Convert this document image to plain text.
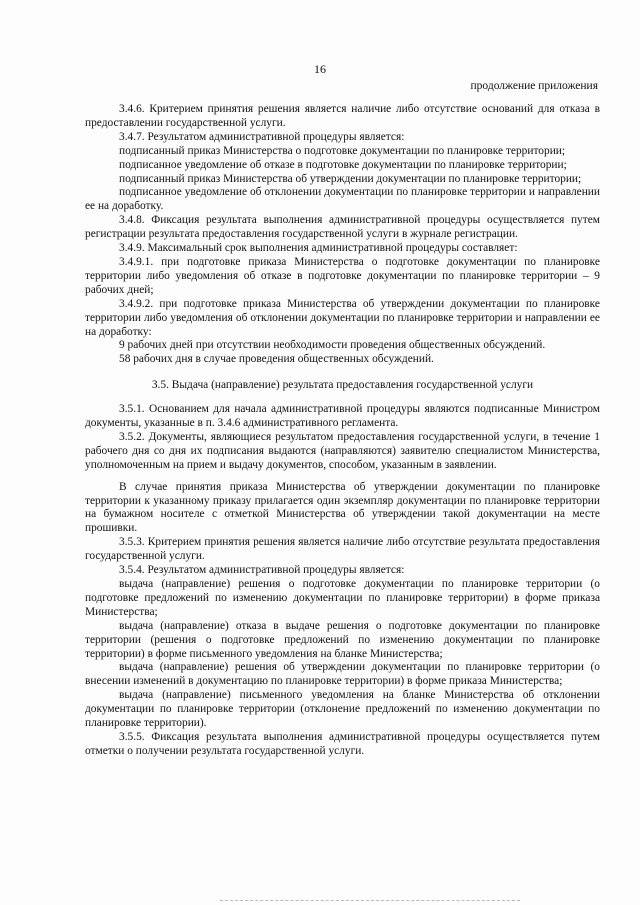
16
продолжение приложения

3.4.6. Критерием принятия решения является наличие либо отсутствие оснований для отказа в предоставлении государственной услуги.

3.4.7. Результатом административной процедуры является:

подписанный приказ Министерства о подготовке документации по планировке территории;

подписанное уведомление об отказе в подготовке документации по планировке территории;

подписанный приказ Министерства об утверждении документации по планировке территории;

подписанное уведомление об отклонении документации по планировке территории и направлении ее на доработку.

3.4.8. Фиксация результата выполнения административной процедуры осуществляется путем регистрации результата предоставления государственной услуги в журнале регистрации.

3.4.9. Максимальный срок выполнения административной процедуры составляет:

3.4.9.1. при подготовке приказа Министерства о подготовке документации по планировке территории либо уведомления об отказе в подготовке документации по планировке территории – 9 рабочих дней;

3.4.9.2. при подготовке приказа Министерства об утверждении документации по планировке территории либо уведомления об отклонении документации по планировке территории и направлении ее на доработку:

9 рабочих дней при отсутствии необходимости проведения общественных обсуждений.

58 рабочих дня в случае проведения общественных обсуждений.

3.5. Выдача (направление) результата предоставления государственной услуги

3.5.1. Основанием для начала административной процедуры являются подписанные Министром документы, указанные в п. 3.4.6 административного регламента.

3.5.2. Документы, являющиеся результатом предоставления государственной услуги, в течение 1 рабочего дня со дня их подписания выдаются (направляются) заявителю специалистом Министерства, уполномоченным на прием и выдачу документов, способом, указанным в заявлении.

В случае принятия приказа Министерства об утверждении документации по планировке территории к указанному приказу прилагается один экземпляр документации по планировке территории на бумажном носителе с отметкой Министерства об утверждении такой документации на месте прошивки.

3.5.3. Критерием принятия решения является наличие либо отсутствие результата предоставления государственной услуги.

3.5.4. Результатом административной процедуры является:

выдача (направление) решения о подготовке документации по планировке территории (о подготовке предложений по изменению документации по планировке территории) в форме приказа Министерства;

выдача (направление) отказа в выдаче решения о подготовке документации по планировке территории (решения о подготовке предложений по изменению документации по планировке территории) в форме письменного уведомления на бланке Министерства;

выдача (направление) решения об утверждении документации по планировке территории (о внесении изменений в документацию по планировке территории) в форме приказа Министерства;

выдача (направление) письменного уведомления на бланке Министерства об отклонении документации по планировке территории (отклонение предложений по изменению документации по планировке территории).

3.5.5. Фиксация результата выполнения административной процедуры осуществляется путем отметки о получении результата государственной услуги.
